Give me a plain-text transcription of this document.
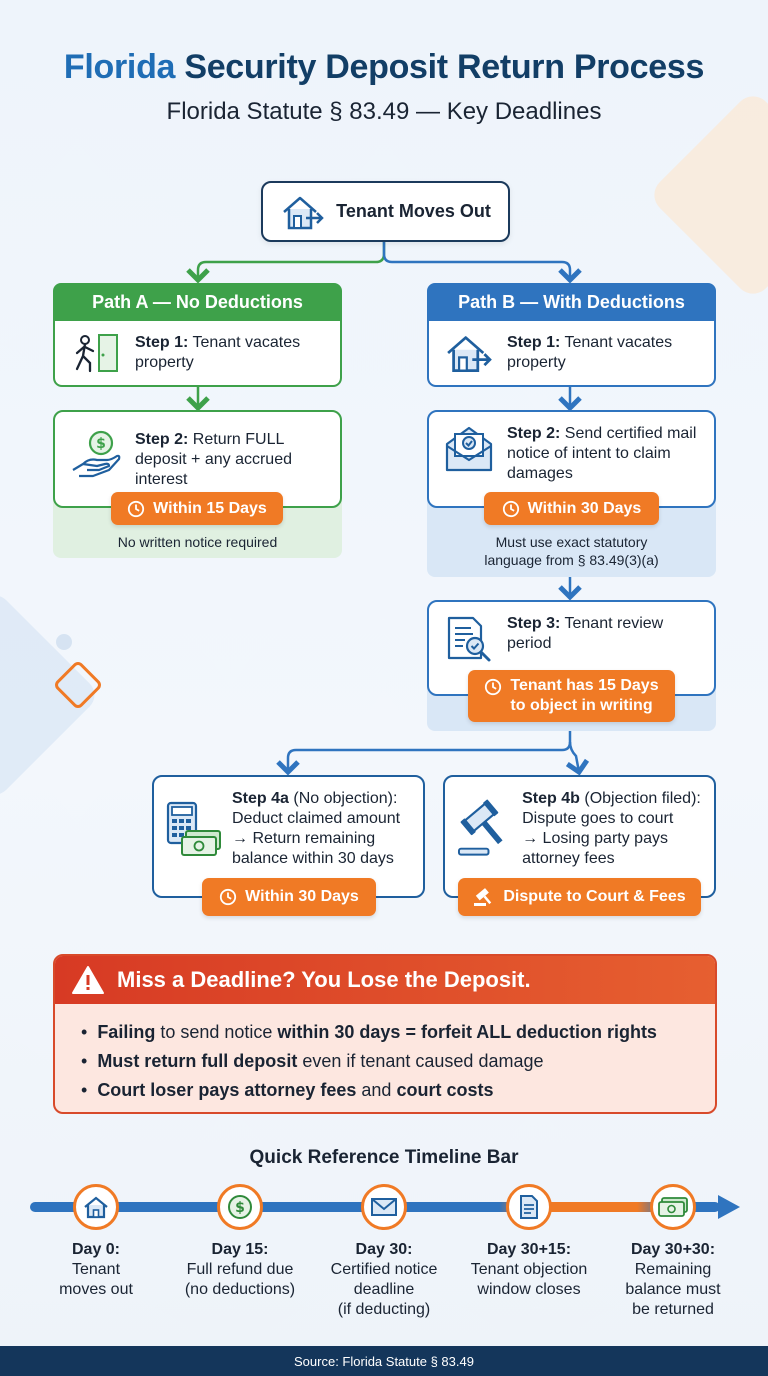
Florida Security Deposit Return Process
Florida Statute § 83.49 — Key Deadlines
Tenant Moves Out
Path A — No Deductions
Step 1: Tenant vacates property
$ Step 2: Return FULL deposit + any accrued interest
Within 15 Days
No written notice required
Path B — With Deductions
Step 1: Tenant vacates property
Step 2: Send certified mail notice of intent to claim damages
Within 30 Days
Must use exact statutory
language from § 83.49(3)(a)
Step 3: Tenant review period
Tenant has 15 Days
to object in writing
Step 4a (No objection):
Deduct claimed amount
→ Return remaining
balance within 30 days
Within 30 Days
Step 4b (Objection filed):
Dispute goes to court
→ Losing party pays
attorney fees
Dispute to Court & Fees
Miss a Deadline? You Lose the Deposit.
• Failing to send notice within 30 days = forfeit ALL deduction rights
• Must return full deposit even if tenant caused damage
• Court loser pays attorney fees and court costs
Quick Reference Timeline Bar
$
Day 0:
Tenant
moves out
Day 15:
Full refund due
(no deductions)
Day 30:
Certified notice
deadline
(if deducting)
Day 30+15:
Tenant objection
window closes
Day 30+30:
Remaining
balance must
be returned
Source: Florida Statute § 83.49
